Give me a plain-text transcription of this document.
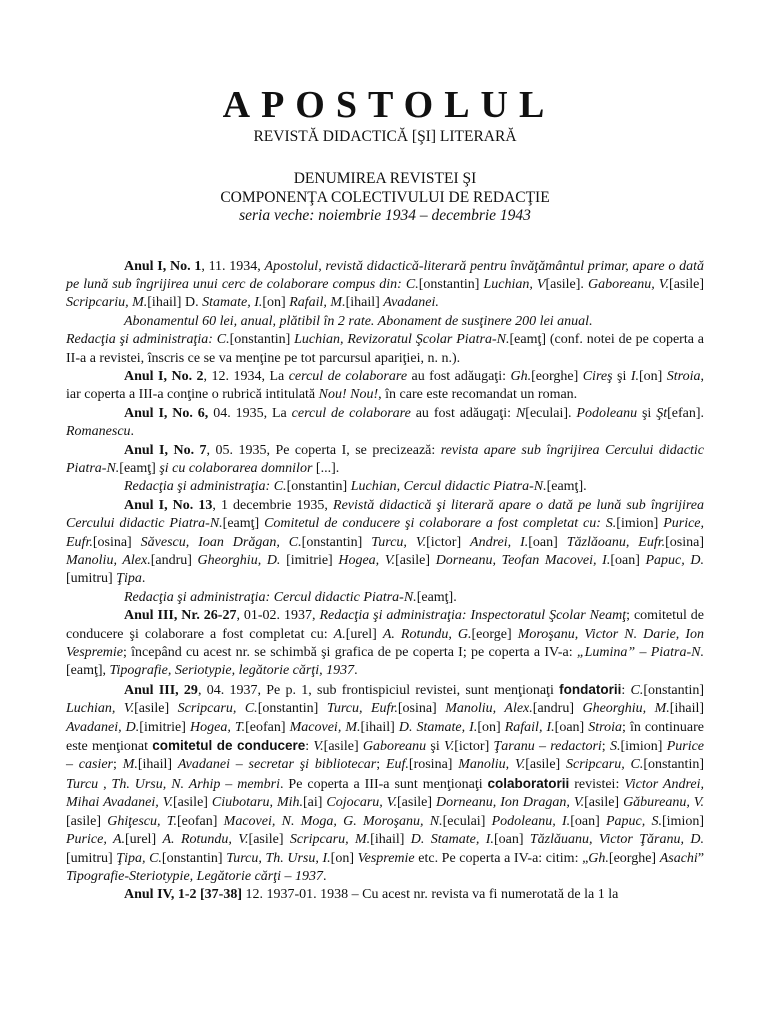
APOSTOLUL
REVISTĂ DIDACTICĂ [ŞI] LITERARĂ
DENUMIREA REVISTEI ŞI
COMPONENŢA COLECTIVULUI DE REDACŢIE
seria veche: noiembrie 1934 – decembrie 1943

Anul I, No. 1, 11. 1934, Apostolul, revistă didactică-literară pentru învăţământul primar, apare o dată pe lună sub îngrijirea unui cerc de colaborare compus din: C.[onstantin] Luchian, V[asile]. Gaboreanu, V.[asile] Scripcariu, M.[ihail] D. Stamate, I.[on] Rafail, M.[ihail] Avadanei.

Abonamentul 60 lei, anual, plătibil în 2 rate. Abonament de susţinere 200 lei anual.

Redacţia şi administraţia: C.[onstantin] Luchian, Revizoratul Şcolar Piatra-N.[eamţ] (conf. notei de pe coperta a II-a a revistei, înscris ce se va menţine pe tot parcursul apariţiei, n. n.).

Anul I, No. 2, 12. 1934, La cercul de colaborare au fost adăugaţi: Gh.[eorghe] Cireş şi I.[on] Stroia, iar coperta a III-a conţine o rubrică intitulată Nou! Nou!, în care este recomandat un roman.

Anul I, No. 6, 04. 1935, La cercul de colaborare au fost adăugaţi: N[eculai]. Podoleanu şi Şt[efan]. Romanescu.

Anul I, No. 7, 05. 1935, Pe coperta I, se precizează: revista apare sub îngrijirea Cercului didactic Piatra-N.[eamţ] şi cu colaborarea domnilor [...].

Redacţia şi administraţia: C.[onstantin] Luchian, Cercul didactic Piatra-N.[eamţ].

Anul I, No. 13, 1 decembrie 1935, Revistă didactică şi literară apare o dată pe lună sub îngrijirea Cercului didactic Piatra-N.[eamţ] Comitetul de conducere şi colaborare a fost completat cu: S.[imion] Purice, Eufr.[osina] Săvescu, Ioan Drăgan, C.[onstantin] Turcu, V.[ictor] Andrei, I.[oan] Tăzlăoanu, Eufr.[osina] Manoliu, Alex.[andru] Gheorghiu, D. [imitrie] Hogea, V.[asile] Dorneanu, Teofan Macovei, I.[oan] Papuc, D.[umitru] Ţipa.

Redacţia şi administraţia: Cercul didactic Piatra-N.[eamţ].

Anul III, Nr. 26-27, 01-02. 1937, Redacţia şi administraţia: Inspectoratul Şcolar Neamţ; comitetul de conducere şi colaborare a fost completat cu: A.[urel] A. Rotundu, G.[eorge] Moroşanu, Victor N. Darie, Ion Vespremie; începând cu acest nr. se schimbă şi grafica de pe coperta I; pe coperta a IV-a: „Lumina” – Piatra-N.[eamţ], Tipografie, Seriotypie, legătorie cărţi, 1937.

Anul III, 29, 04. 1937, Pe p. 1, sub frontispiciul revistei, sunt menţionaţi fondatorii: C.[onstantin] Luchian, V.[asile] Scripcaru, C.[onstantin] Turcu, Eufr.[osina] Manoliu, Alex.[andru] Gheorghiu, M.[ihail] Avadanei, D.[imitrie] Hogea, T.[eofan] Macovei, M.[ihail] D. Stamate, I.[on] Rafail, I.[oan] Stroia; în continuare este menţionat comitetul de conducere: V.[asile] Gaboreanu şi V.[ictor] Ţaranu – redactori; S.[imion] Purice – casier; M.[ihail] Avadanei – secretar şi bibliotecar; Euf.[rosina] Manoliu, V.[asile] Scripcaru, C.[onstantin] Turcu , Th. Ursu, N. Arhip – membri. Pe coperta a III-a sunt menţionaţi colaboratorii revistei: Victor Andrei, Mihai Avadanei, V.[asile] Ciubotaru, Mih.[ai] Cojocaru, V.[asile] Dorneanu, Ion Dragan, V.[asile] Găbureanu, V.[asile] Ghiţescu, T.[eofan] Macovei, N. Moga, G. Moroşanu, N.[eculai] Podoleanu, I.[oan] Papuc, S.[imion] Purice, A.[urel] A. Rotundu, V.[asile] Scripcaru, M.[ihail] D. Stamate, I.[oan] Tăzlăuanu, Victor Ţăranu, D.[umitru] Ţipa, C.[onstantin] Turcu, Th. Ursu, I.[on] Vespremie etc. Pe coperta a IV-a: citim: „Gh.[eorghe] Asachi” Tipografie-Steriotypie, Legătorie cărţi – 1937.

Anul IV, 1-2 [37-38] 12. 1937-01. 1938 – Cu acest nr. revista va fi numerotată de la 1 la
